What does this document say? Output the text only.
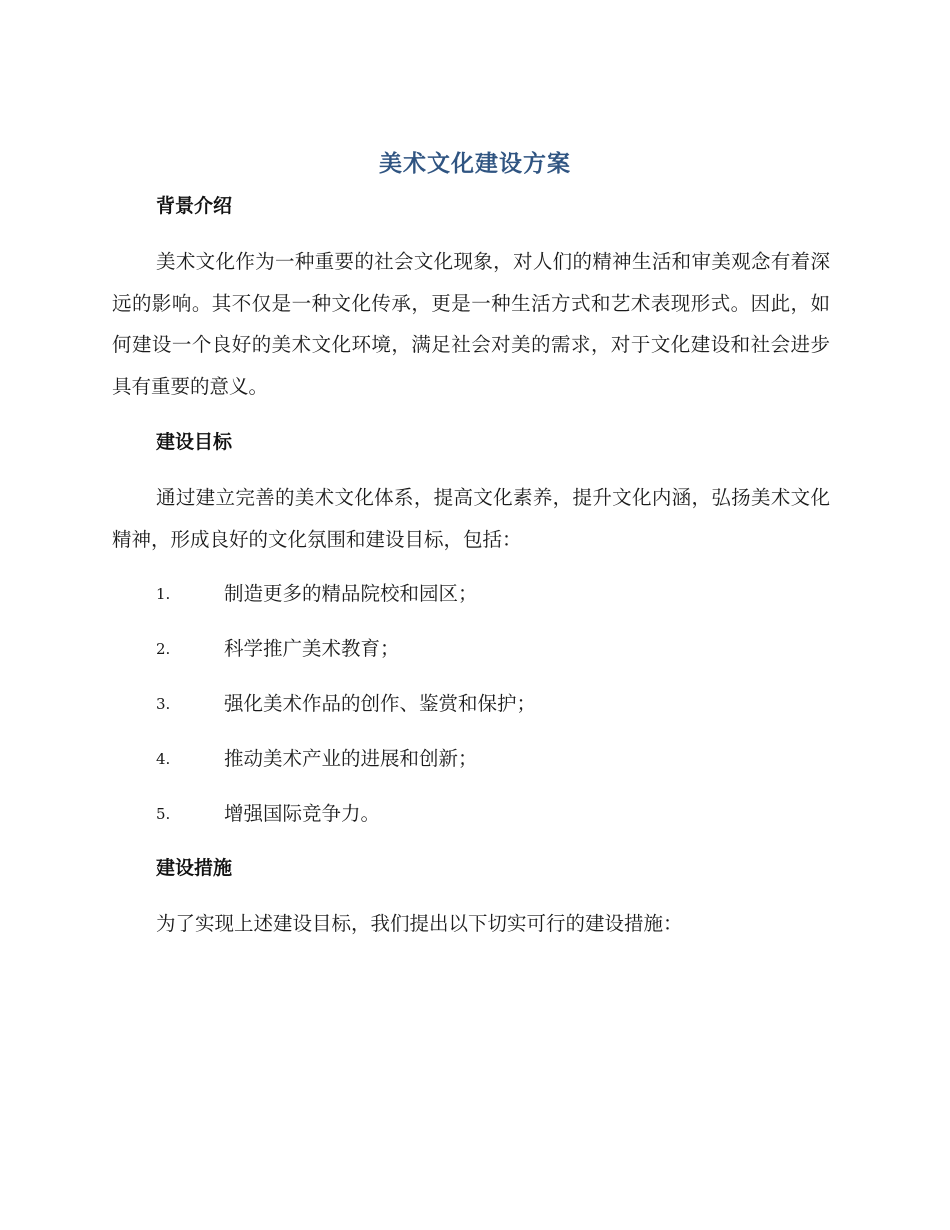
美术文化建设方案
背景介绍
美术文化作为一种重要的社会文化现象，对人们的精神生活和审美观念有着深远的影响。其不仅是一种文化传承，更是一种生活方式和艺术表现形式。因此，如何建设一个良好的美术文化环境，满足社会对美的需求，对于文化建设和社会进步具有重要的意义。
建设目标
通过建立完善的美术文化体系，提高文化素养，提升文化内涵，弘扬美术文化精神，形成良好的文化氛围和建设目标，包括：
1.	制造更多的精品院校和园区；
2.	科学推广美术教育；
3.	强化美术作品的创作、鉴赏和保护；
4.	推动美术产业的进展和创新；
5.	增强国际竞争力。
建设措施
为了实现上述建设目标，我们提出以下切实可行的建设措施：
